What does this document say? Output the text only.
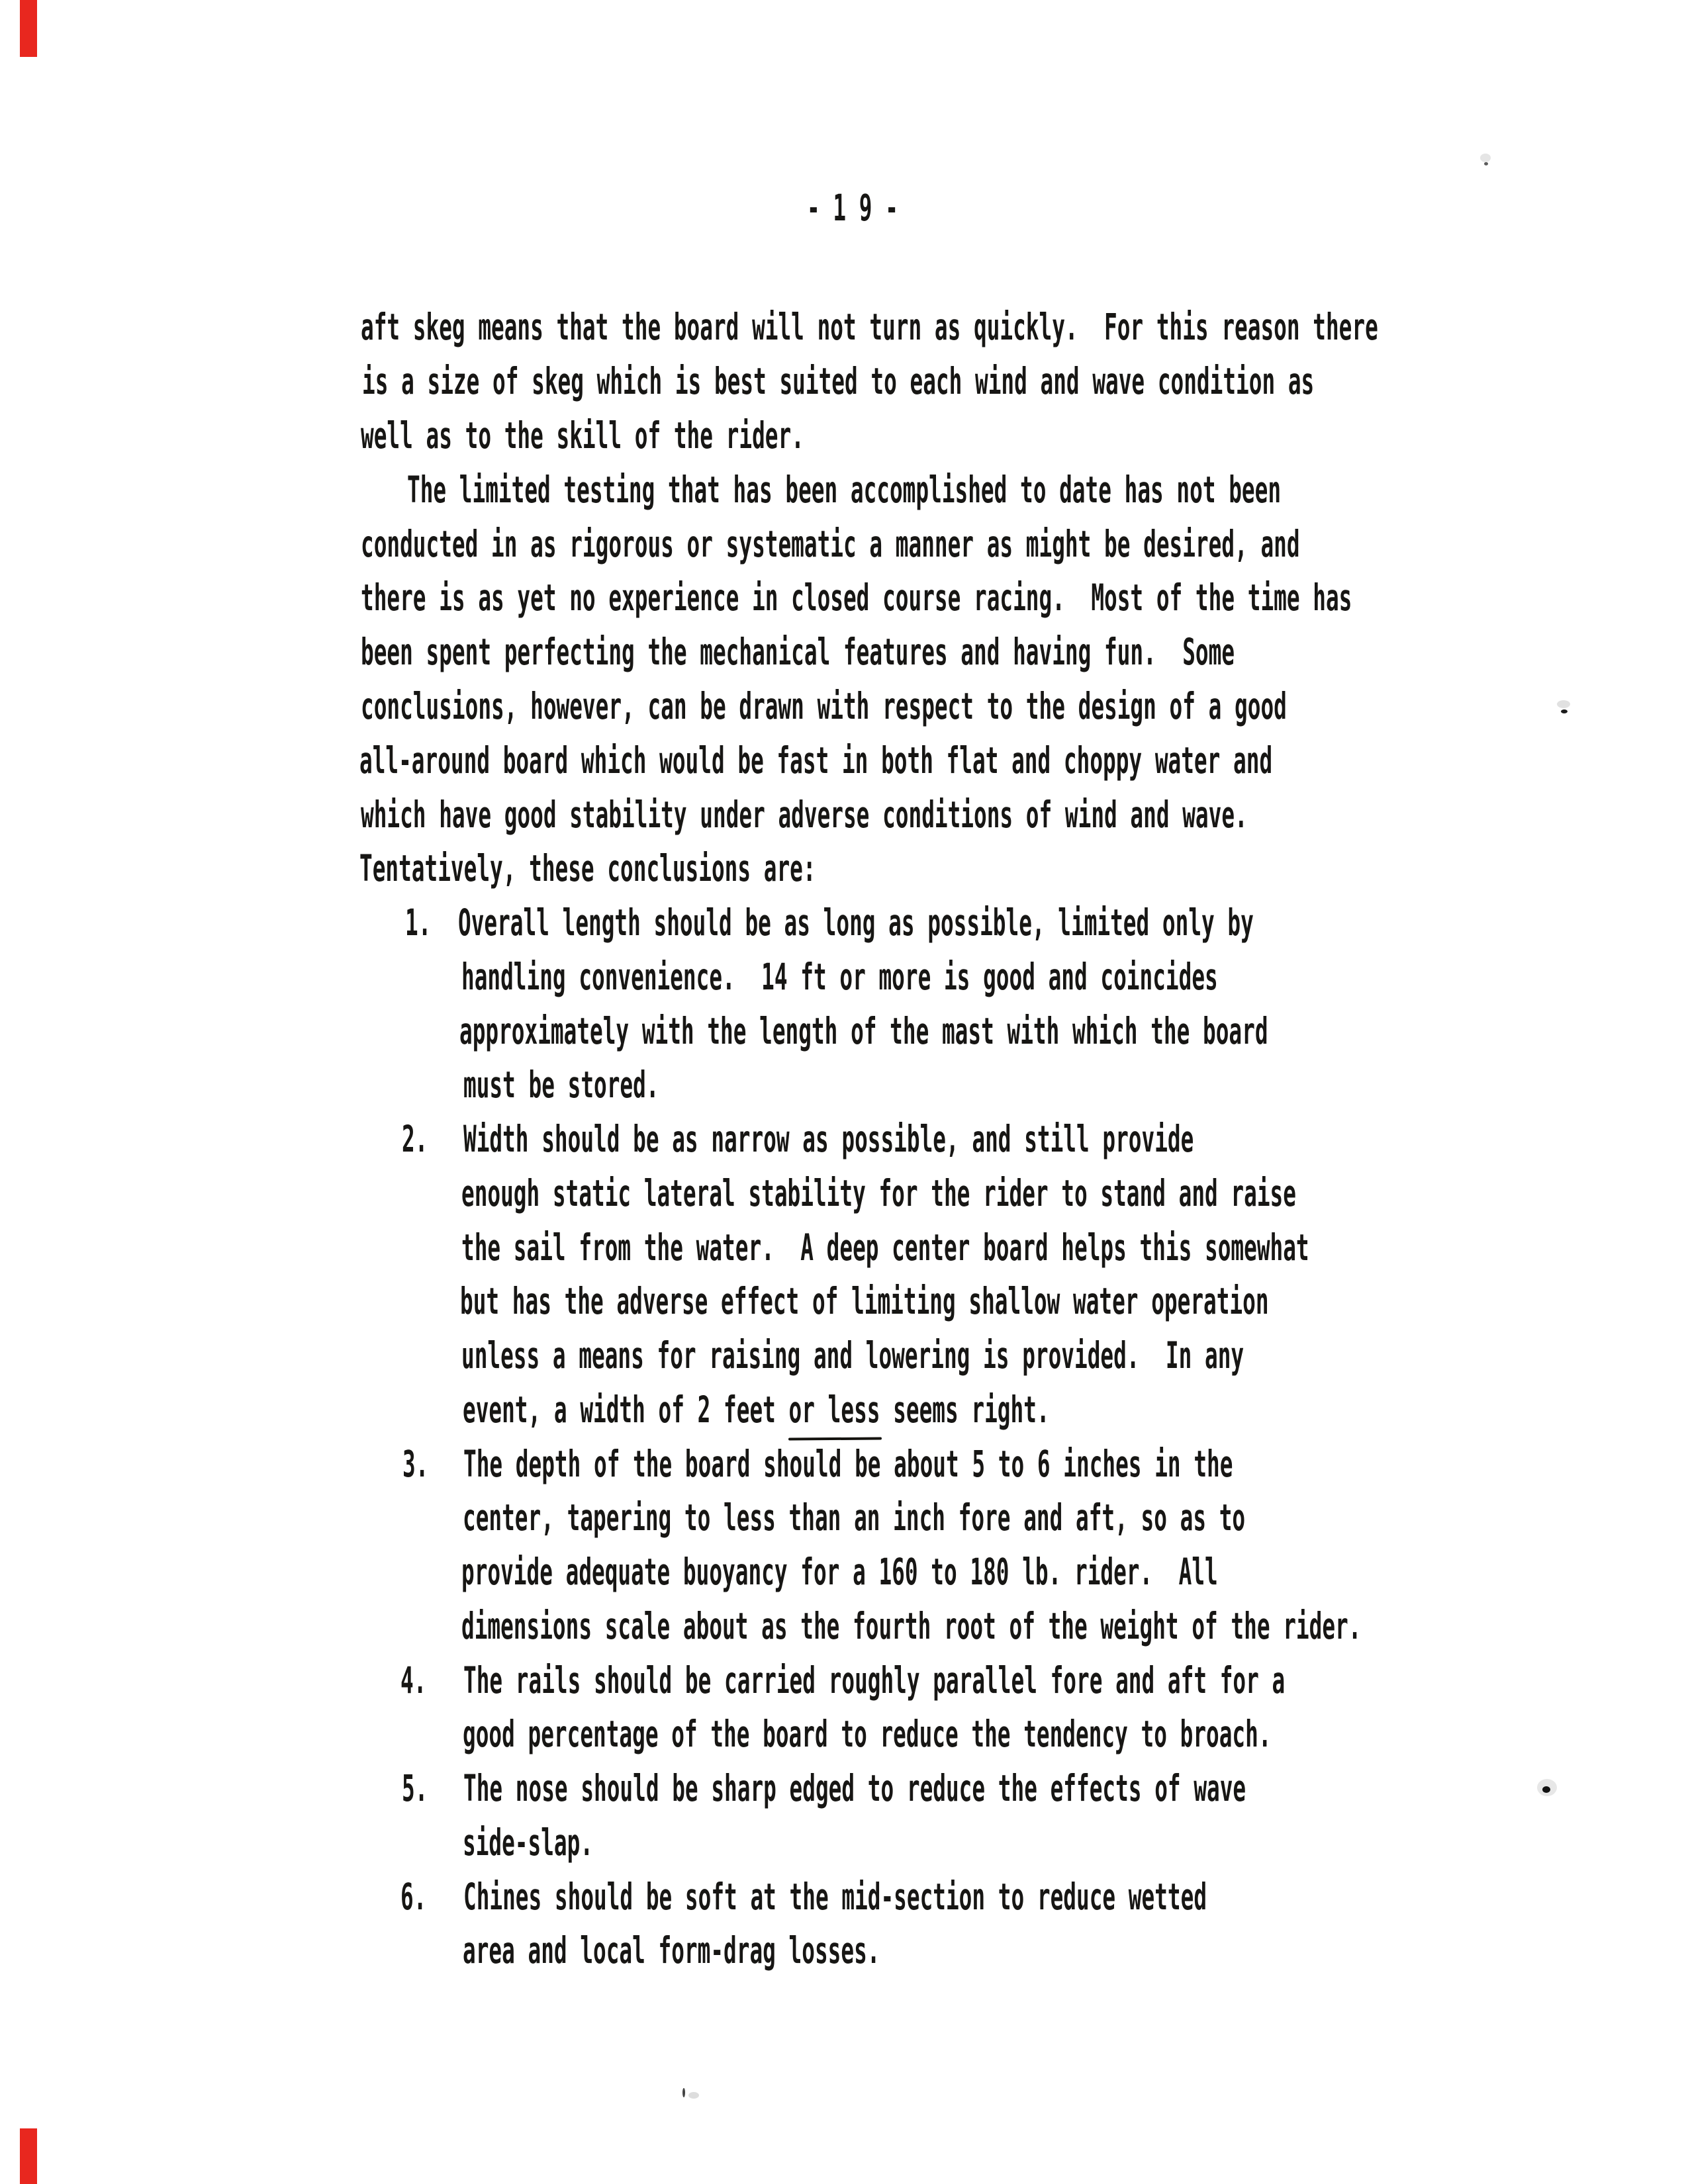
- 1 9 -
aft skeg means that the board will not turn as quickly.  For this reason there
is a size of skeg which is best suited to each wind and wave condition as
well as to the skill of the rider.
The limited testing that has been accomplished to date has not been
conducted in as rigorous or systematic a manner as might be desired, and
there is as yet no experience in closed course racing.  Most of the time has
been spent perfecting the mechanical features and having fun.  Some
conclusions, however, can be drawn with respect to the design of a good
all-around board which would be fast in both flat and choppy water and
which have good stability under adverse conditions of wind and wave.
Tentatively, these conclusions are:
1. Overall length should be as long as possible, limited only by
handling convenience.  14 ft or more is good and coincides
approximately with the length of the mast with which the board
must be stored.
2. Width should be as narrow as possible, and still provide
enough static lateral stability for the rider to stand and raise
the sail from the water.  A deep center board helps this somewhat
but has the adverse effect of limiting shallow water operation
unless a means for raising and lowering is provided.  In any
event, a width of 2 feet or less seems right.
3. The depth of the board should be about 5 to 6 inches in the
center, tapering to less than an inch fore and aft, so as to
provide adequate buoyancy for a 160 to 180 lb. rider.  All
dimensions scale about as the fourth root of the weight of the rider.
4. The rails should be carried roughly parallel fore and aft for a
good percentage of the board to reduce the tendency to broach.
5. The nose should be sharp edged to reduce the effects of wave
side-slap.
6. Chines should be soft at the mid-section to reduce wetted
area and local form-drag losses.
